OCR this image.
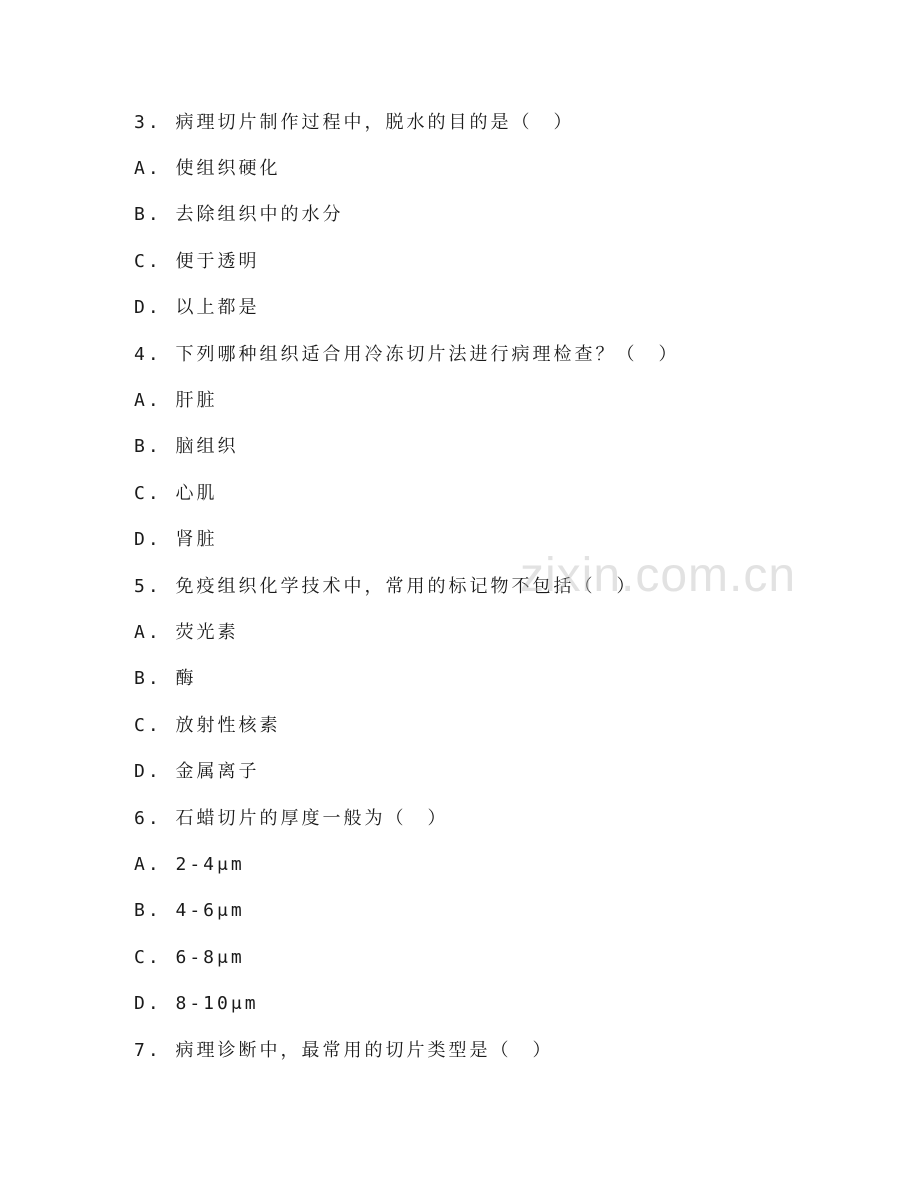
3. 病理切片制作过程中，脱水的目的是（　）
A. 使组织硬化
B. 去除组织中的水分
C. 便于透明
D. 以上都是
4. 下列哪种组织适合用冷冻切片法进行病理检查？（　）
A. 肝脏
B. 脑组织
C. 心肌
D. 肾脏
5. 免疫组织化学技术中，常用的标记物不包括（　）
A. 荧光素
B. 酶
C. 放射性核素
D. 金属离子
6. 石蜡切片的厚度一般为（　）
A. 2-4μm
B. 4-6μm
C. 6-8μm
D. 8-10μm
7. 病理诊断中，最常用的切片类型是（　）
zixin.com.cn
